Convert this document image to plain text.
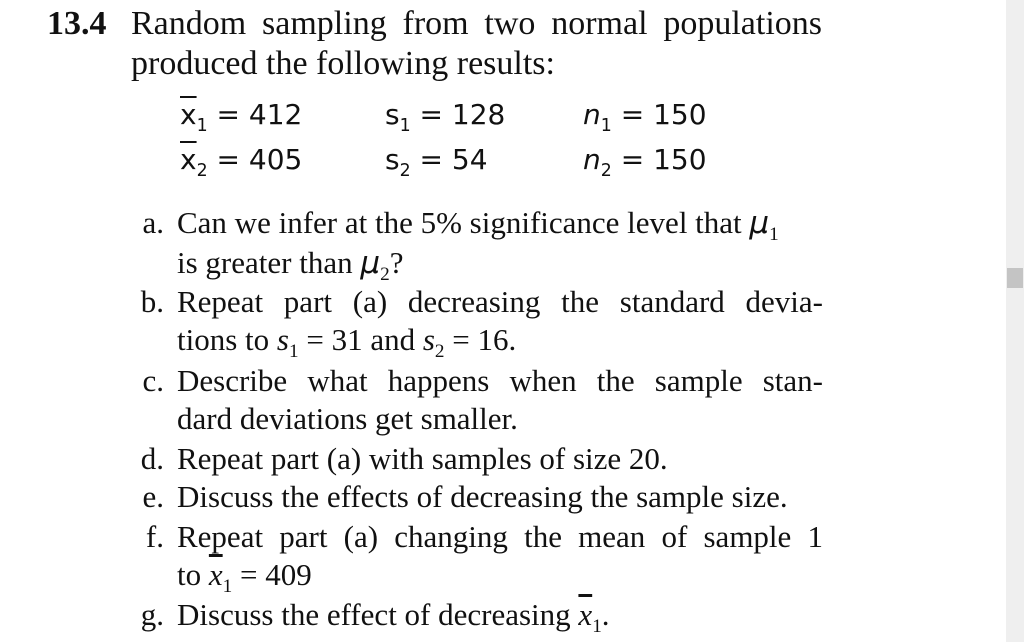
13.4 Random sampling from two normal populations
produced the following results:
$\overline{x}_1 = 412$	$s_1 = 128$	$n_1 = 150$
$\overline{x}_2 = 405$	$s_2 = 54$	$n_2 = 150$
a. Can we infer at the 5% significance level that $\mu_1$
is greater than $\mu_2$?
b. Repeat part (a) decreasing the standard devia-
tions to $s_1 = 31$ and $s_2 = 16$.
c. Describe what happens when the sample stan-
dard deviations get smaller.
d. Repeat part (a) with samples of size 20.
e. Discuss the effects of decreasing the sample size.
f. Repeat part (a) changing the mean of sample 1
to $\overline{x}_1 = 409$
g. Discuss the effect of decreasing $\overline{x}_1$.
